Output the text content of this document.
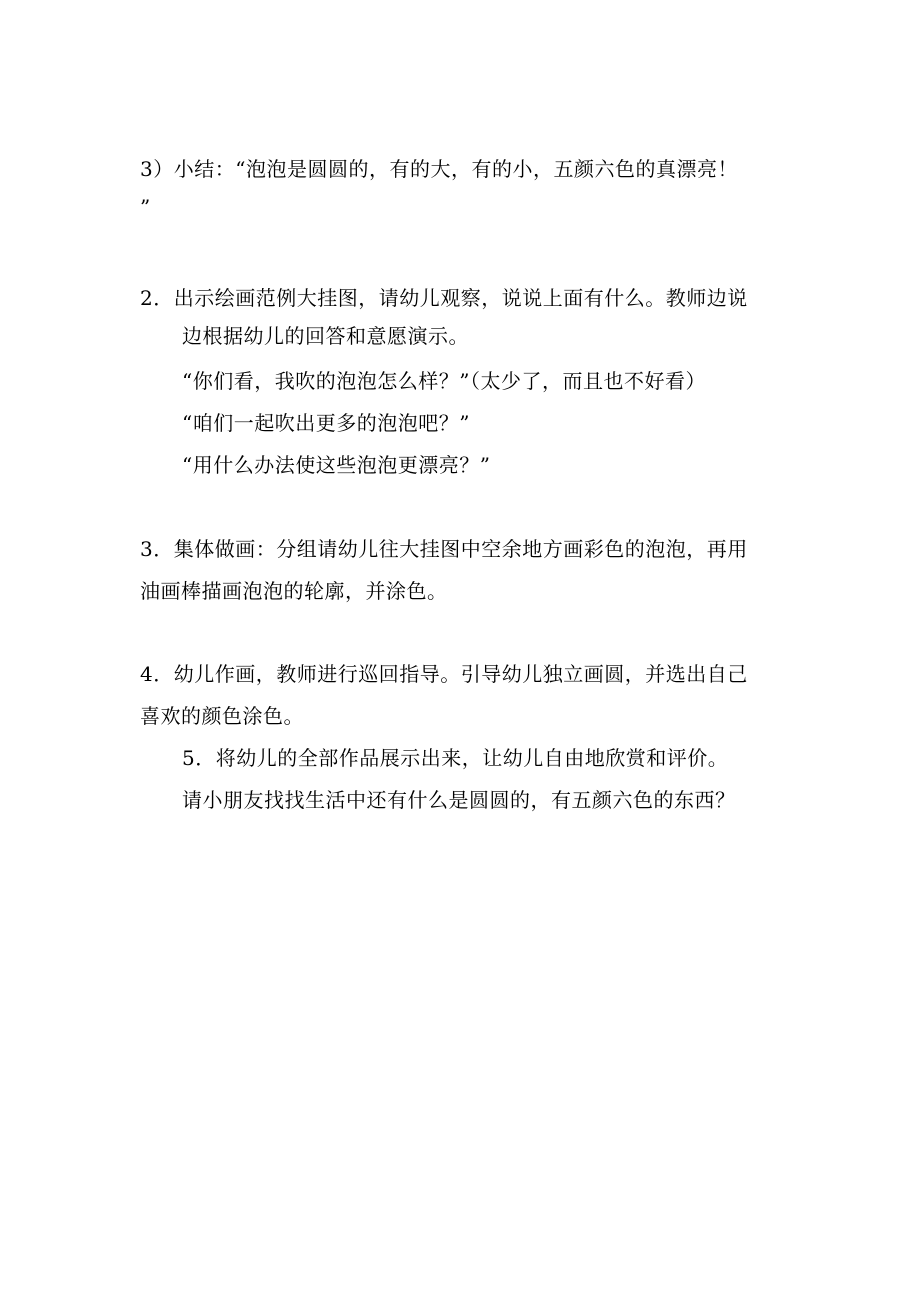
3）小结：“泡泡是圆圆的，有的大，有的小，五颜六色的真漂亮！
”
2．出示绘画范例大挂图，请幼儿观察，说说上面有什么。教师边说
边根据幼儿的回答和意愿演示。
“你们看，我吹的泡泡怎么样？”（太少了，而且也不好看）
“咱们一起吹出更多的泡泡吧？”
“用什么办法使这些泡泡更漂亮？”
3．集体做画：分组请幼儿往大挂图中空余地方画彩色的泡泡，再用
油画棒描画泡泡的轮廓，并涂色。
4．幼儿作画，教师进行巡回指导。引导幼儿独立画圆，并选出自己
喜欢的颜色涂色。
5．将幼儿的全部作品展示出来，让幼儿自由地欣赏和评价。
请小朋友找找生活中还有什么是圆圆的，有五颜六色的东西？
